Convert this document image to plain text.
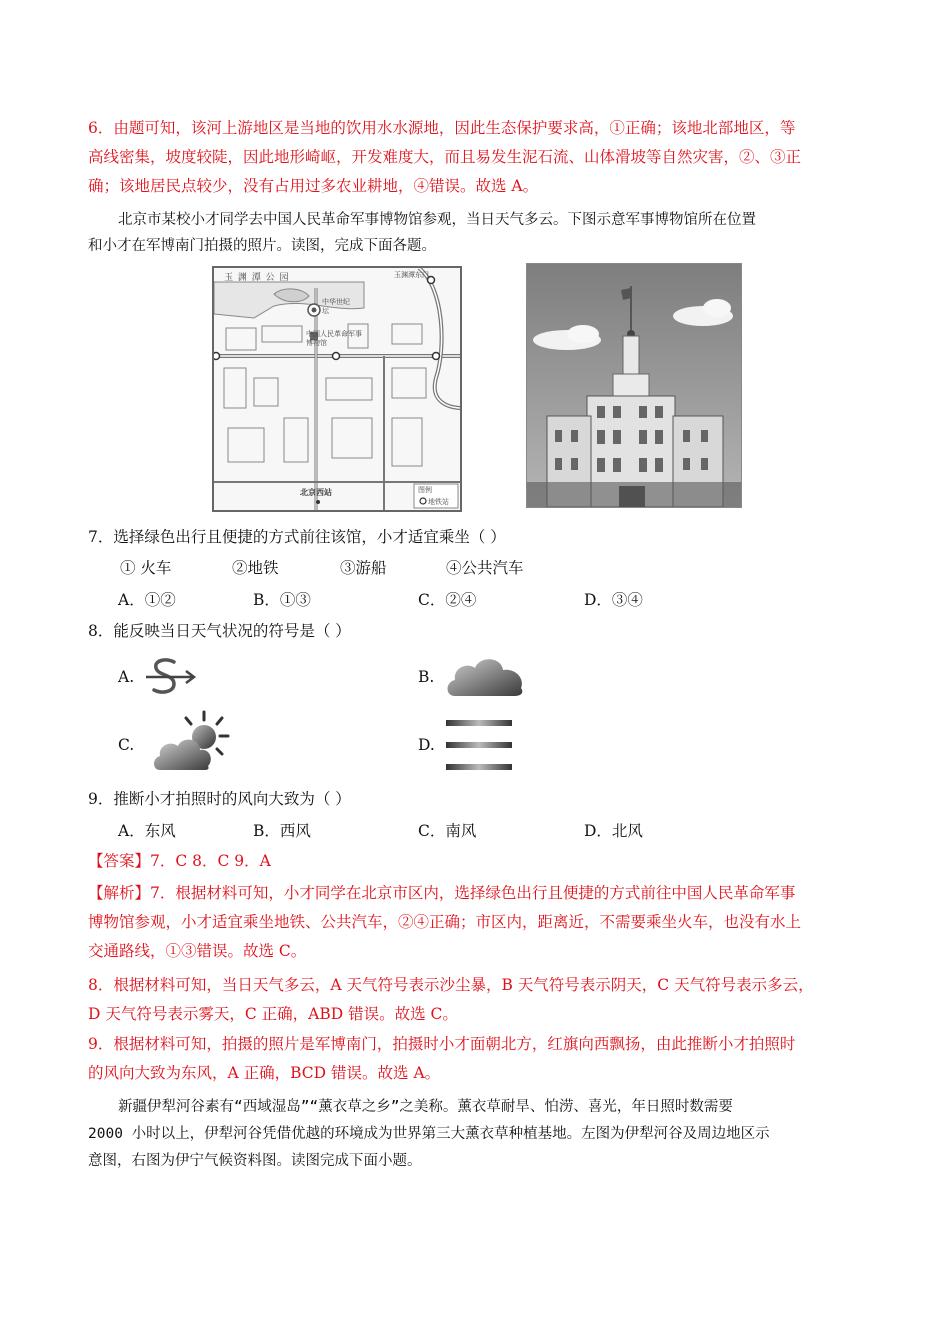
6．由题可知，该河上游地区是当地的饮用水水源地，因此生态保护要求高，①正确；该地北部地区，等
高线密集，坡度较陡，因此地形崎岖，开发难度大，而且易发生泥石流、山体滑坡等自然灾害，②、③正
确；该地居民点较少，没有占用过多农业耕地，④错误。故选 A。
北京市某校小才同学去中国人民革命军事博物馆参观，当日天气多云。下图示意军事博物馆所在位置
和小才在军博南门拍摄的照片。读图，完成下面各题。
玉 渊 潭 公 园	玉渊潭东门
中华世纪坛
中国人民革命军事博物馆
北京西站	图例
地铁站
7．选择绿色出行且便捷的方式前往该馆，小才适宜乘坐（ ）
① 火车	②地铁	③游船	④公共汽车
A．①②	B．①③	C．②④	D．③④
8．能反映当日天气状况的符号是（ ）
A.	B.
C.	D.
9．推断小才拍照时的风向大致为（ ）
A．东风	B．西风	C．南风	D．北风
【答案】7．C 8．C 9．A
【解析】7．根据材料可知，小才同学在北京市区内，选择绿色出行且便捷的方式前往中国人民革命军事
博物馆参观，小才适宜乘坐地铁、公共汽车，②④正确；市区内，距离近，不需要乘坐火车，也没有水上
交通路线，①③错误。故选 C。
8．根据材料可知，当日天气多云，A 天气符号表示沙尘暴，B 天气符号表示阴天，C 天气符号表示多云，
D 天气符号表示雾天，C 正确，ABD 错误。故选 C。
9．根据材料可知，拍摄的照片是军博南门，拍摄时小才面朝北方，红旗向西飘扬，由此推断小才拍照时
的风向大致为东风，A 正确，BCD 错误。故选 A。
新疆伊犁河谷素有“西域湿岛”“薰衣草之乡”之美称。薰衣草耐旱、怕涝、喜光，年日照时数需要
2000 小时以上，伊犁河谷凭借优越的环境成为世界第三大薰衣草种植基地。左图为伊犁河谷及周边地区示
意图，右图为伊宁气候资料图。读图完成下面小题。
